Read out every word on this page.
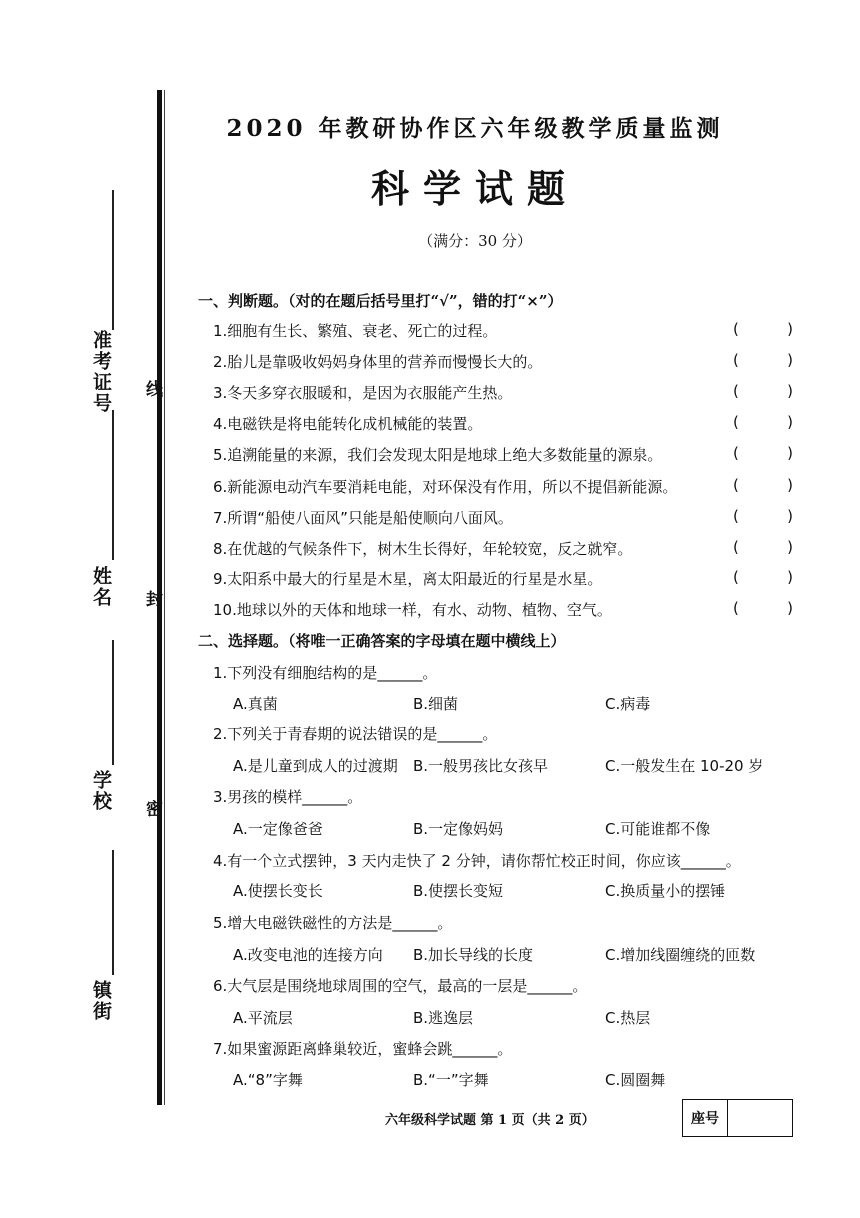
准考证号
姓名
学校
镇街
线
封
密
2020 年教研协作区六年级教学质量监测
科学试题
（满分：30 分）
一、判断题。（对的在题后括号里打“√”，错的打“×”）
1.细胞有生长、繁殖、衰老、死亡的过程。	(	)
2.胎儿是靠吸收妈妈身体里的营养而慢慢长大的。	(	)
3.冬天多穿衣服暖和，是因为衣服能产生热。	(	)
4.电磁铁是将电能转化成机械能的装置。	(	)
5.追溯能量的来源，我们会发现太阳是地球上绝大多数能量的源泉。	(	)
6.新能源电动汽车要消耗电能，对环保没有作用，所以不提倡新能源。	(	)
7.所谓“船使八面风”只能是船使顺向八面风。	(	)
8.在优越的气候条件下，树木生长得好，年轮较宽，反之就窄。	(	)
9.太阳系中最大的行星是木星，离太阳最近的行星是水星。	(	)
10.地球以外的天体和地球一样，有水、动物、植物、空气。	(	)
二、选择题。（将唯一正确答案的字母填在题中横线上）
1.下列没有细胞结构的是______。
A.真菌	B.细菌	C.病毒
2.下列关于青春期的说法错误的是______。
A.是儿童到成人的过渡期 B.一般男孩比女孩早	C.一般发生在 10-20 岁
3.男孩的模样______。
A.一定像爸爸	B.一定像妈妈	C.可能谁都不像
4.有一个立式摆钟，3 天内走快了 2 分钟，请你帮忙校正时间，你应该______。
A.使摆长变长	B.使摆长变短	C.换质量小的摆锤
5.增大电磁铁磁性的方法是______。
A.改变电池的连接方向 B.加长导线的长度	C.增加线圈缠绕的匝数
6.大气层是围绕地球周围的空气，最高的一层是______。
A.平流层	B.逃逸层	C.热层
7.如果蜜源距离蜂巢较近，蜜蜂会跳______。
A.“8”字舞	B.“一”字舞	C.圆圈舞
六年级科学试题 第 1 页（共 2 页）	座号
